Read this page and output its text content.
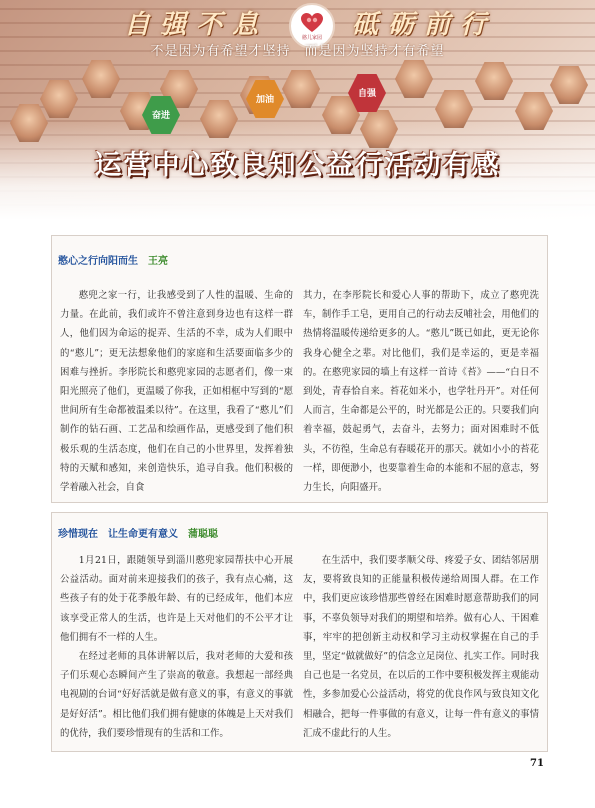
自强
加油
奋进
自强不息	砥砺前行
憨儿家园
不是因为有希望才坚持　而是因为坚持才有希望
运营中心致良知公益行活动有感
憨心之行向阳而生 王亮

憨兜之家一行，让我感受到了人性的温暖、生命的力量。在此前，我们或许不曾注意到身边也有这样一群人，他们因为命运的捉弄、生活的不幸，成为人们眼中的“憨儿”；更无法想象他们的家庭和生活要面临多少的困难与挫折。李彤院长和憨兜家园的志愿者们，像一束阳光照亮了他们，更温暖了你我，正如相框中写到的“愿世间所有生命都被温柔以待”。在这里，我看了“憨儿”们制作的钻石画、工艺品和绘画作品，更感受到了他们积极乐观的生活态度，他们在自己的小世界里，发挥着独特的天赋和感知，来创造快乐，追寻自我。他们积极的学着融入社会，自食

其力，在李彤院长和爱心人事的帮助下，成立了憨兜洗车，制作手工皂，更用自己的行动去反哺社会，用他们的热情将温暖传递给更多的人。“憨儿”既已如此，更无论你我身心健全之辈。对比他们，我们是幸运的，更是幸福的。在憨兜家园的墙上有这样一首诗《苔》——“白日不到处，青春恰自来。苔花如米小，也学牡丹开”。对任何人而言，生命都是公平的，时光都是公正的。只要我们向着幸福，鼓起勇气，去奋斗，去努力；面对困难时不低头，不彷徨，生命总有春暖花开的那天。就如小小的苔花一样，即便渺小，也要靠着生命的本能和不屈的意志，努力生长，向阳盛开。

珍惜现在　让生命更有意义 蒲聪聪

1月21日，跟随领导到淄川憨兜家园帮扶中心开展公益活动。面对前来迎接我们的孩子，我有点心痛，这些孩子有的处于花季般年龄、有的已经成年，他们本应该享受正常人的生活，也许是上天对他们的不公平才让他们拥有不一样的人生。

在经过老师的具体讲解以后，我对老师的大爱和孩子们乐观心态瞬间产生了崇高的敬意。我想起一部经典电视剧的台词“好好活就是做有意义的事，有意义的事就是好好活”。相比他们我们拥有健康的体魄是上天对我们的优待，我们要珍惜现有的生活和工作。

在生活中，我们要孝顺父母、疼爱子女、团结邻居朋友，要将致良知的正能量积极传递给周围人群。在工作中，我们更应该珍惜那些曾经在困难时愿意帮助我们的同事，不辜负领导对我们的期望和培养。做有心人、干困难事，牢牢的把创新主动权和学习主动权掌握在自己的手里，坚定“做就做好”的信念立足岗位、扎实工作。同时我自己也是一名党员，在以后的工作中要积极发挥主观能动性，多参加爱心公益活动，将党的优良作风与致良知文化相融合，把每一件事做的有意义，让每一件有意义的事情汇成不虚此行的人生。

71
